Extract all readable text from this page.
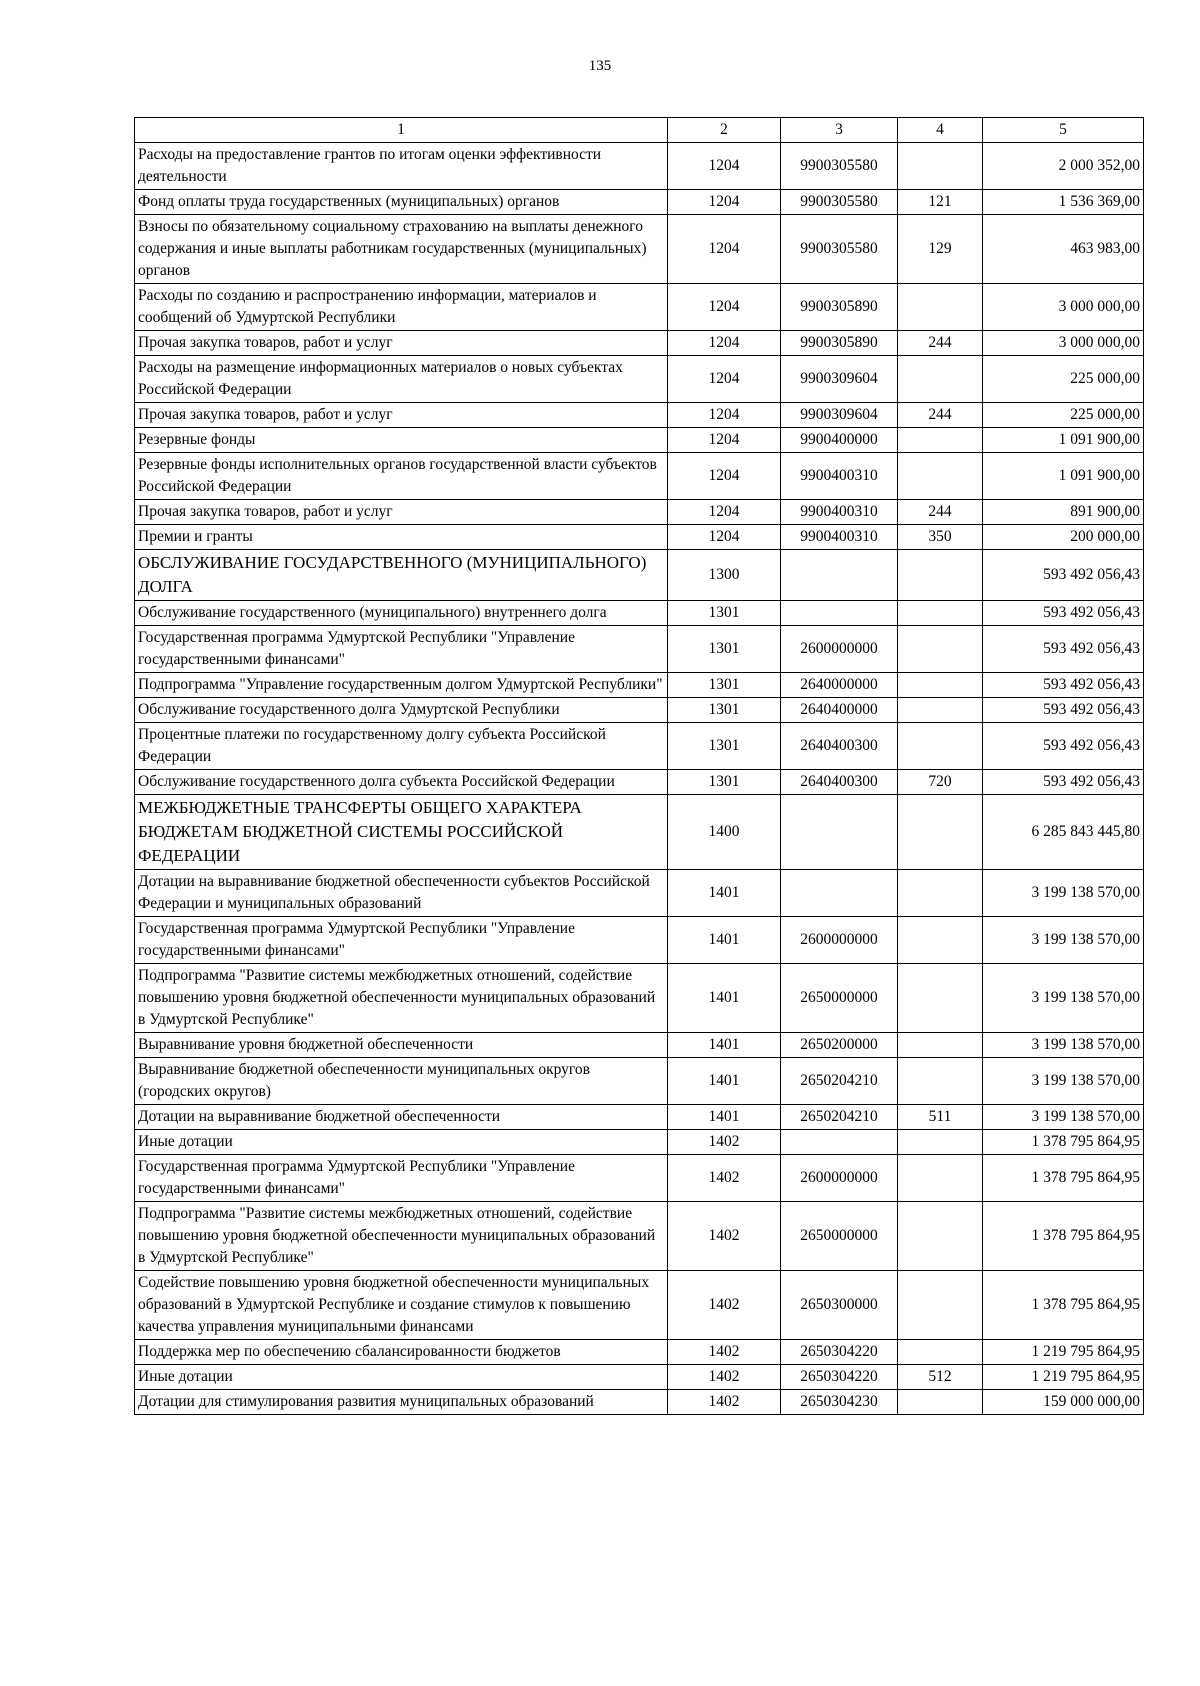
135
1	2	3	4	5
Расходы на предоставление грантов по итогам оценки эффективности деятельности	1204	9900305580		2 000 352,00
Фонд оплаты труда государственных (муниципальных) органов	1204	9900305580	121	1 536 369,00
Взносы по обязательному социальному страхованию на выплаты денежного содержания и иные выплаты работникам государственных (муниципальных) органов	1204	9900305580	129	463 983,00
Расходы по созданию и распространению информации, материалов и сообщений об Удмуртской Республики	1204	9900305890		3 000 000,00
Прочая закупка товаров, работ и услуг	1204	9900305890	244	3 000 000,00
Расходы на размещение информационных материалов о новых субъектах Российской Федерации	1204	9900309604		225 000,00
Прочая закупка товаров, работ и услуг	1204	9900309604	244	225 000,00
Резервные фонды	1204	9900400000		1 091 900,00
Резервные фонды исполнительных органов государственной власти субъектов Российской Федерации	1204	9900400310		1 091 900,00
Прочая закупка товаров, работ и услуг	1204	9900400310	244	891 900,00
Премии и гранты	1204	9900400310	350	200 000,00
ОБСЛУЖИВАНИЕ ГОСУДАРСТВЕННОГО (МУНИЦИПАЛЬНОГО) ДОЛГА	1300			593 492 056,43
Обслуживание государственного (муниципального) внутреннего долга	1301			593 492 056,43
Государственная программа Удмуртской Республики "Управление государственными финансами"	1301	2600000000		593 492 056,43
Подпрограмма "Управление государственным долгом Удмуртской Республики"	1301	2640000000		593 492 056,43
Обслуживание государственного долга Удмуртской Республики	1301	2640400000		593 492 056,43
Процентные платежи по государственному долгу субъекта Российской Федерации	1301	2640400300		593 492 056,43
Обслуживание государственного долга субъекта Российской Федерации	1301	2640400300	720	593 492 056,43
МЕЖБЮДЖЕТНЫЕ ТРАНСФЕРТЫ ОБЩЕГО ХАРАКТЕРА БЮДЖЕТАМ БЮДЖЕТНОЙ СИСТЕМЫ РОССИЙСКОЙ ФЕДЕРАЦИИ	1400			6 285 843 445,80
Дотации на выравнивание бюджетной обеспеченности субъектов Российской Федерации и муниципальных образований	1401			3 199 138 570,00
Государственная программа Удмуртской Республики "Управление государственными финансами"	1401	2600000000		3 199 138 570,00
Подпрограмма "Развитие системы межбюджетных отношений, содействие повышению уровня бюджетной обеспеченности муниципальных образований в Удмуртской Республике"	1401	2650000000		3 199 138 570,00
Выравнивание уровня бюджетной обеспеченности	1401	2650200000		3 199 138 570,00
Выравнивание бюджетной обеспеченности муниципальных округов (городских округов)	1401	2650204210		3 199 138 570,00
Дотации на выравнивание бюджетной обеспеченности	1401	2650204210	511	3 199 138 570,00
Иные дотации	1402			1 378 795 864,95
Государственная программа Удмуртской Республики "Управление государственными финансами"	1402	2600000000		1 378 795 864,95
Подпрограмма "Развитие системы межбюджетных отношений, содействие повышению уровня бюджетной обеспеченности муниципальных образований в Удмуртской Республике"	1402	2650000000		1 378 795 864,95
Содействие повышению уровня бюджетной обеспеченности муниципальных образований в Удмуртской Республике и создание стимулов к повышению качества управления муниципальными финансами	1402	2650300000		1 378 795 864,95
Поддержка мер по обеспечению сбалансированности бюджетов	1402	2650304220		1 219 795 864,95
Иные дотации	1402	2650304220	512	1 219 795 864,95
Дотации для стимулирования развития муниципальных образований	1402	2650304230		159 000 000,00
